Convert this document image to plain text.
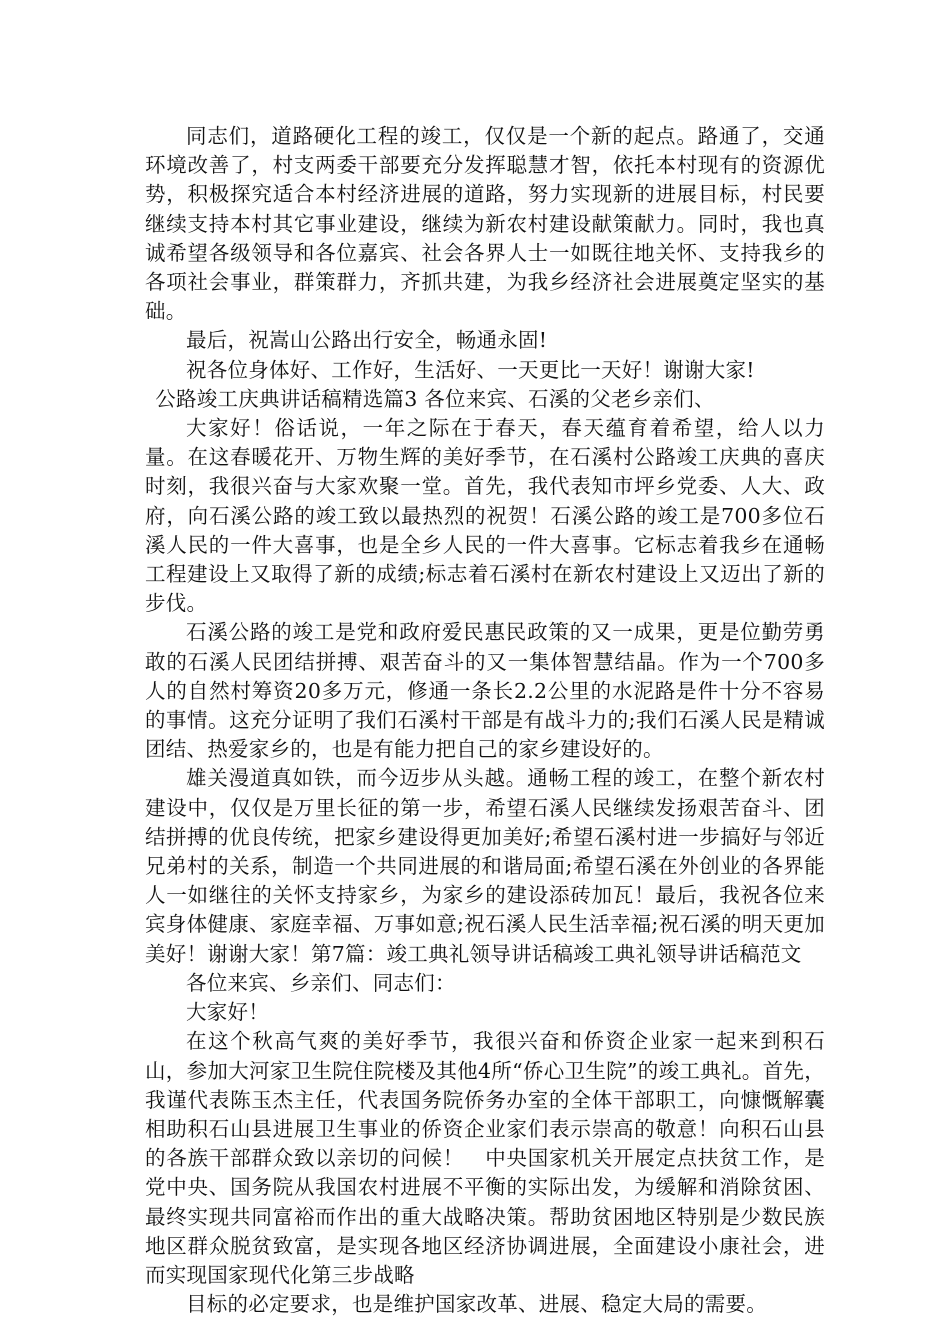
同志们，道路硬化工程的竣工，仅仅是一个新的起点。路通了，交通环境改善了，村支两委干部要充分发挥聪慧才智，依托本村现有的资源优势，积极探究适合本村经济进展的道路，努力实现新的进展目标，村民要继续支持本村其它事业建设，继续为新农村建设献策献力。同时，我也真诚希望各级领导和各位嘉宾、社会各界人士一如既往地关怀、支持我乡的各项社会事业，群策群力，齐抓共建，为我乡经济社会进展奠定坚实的基础。

最后，祝嵩山公路出行安全，畅通永固!

祝各位身体好、工作好，生活好、一天更比一天好！谢谢大家!

公路竣工庆典讲话稿精选篇3 各位来宾、石溪的父老乡亲们、

大家好！俗话说，一年之际在于春天，春天蕴育着希望，给人以力量。在这春暖花开、万物生辉的美好季节，在石溪村公路竣工庆典的喜庆时刻，我很兴奋与大家欢聚一堂。首先，我代表知市坪乡党委、人大、政府，向石溪公路的竣工致以最热烈的祝贺！石溪公路的竣工是700多位石溪人民的一件大喜事，也是全乡人民的一件大喜事。它标志着我乡在通畅工程建设上又取得了新的成绩;标志着石溪村在新农村建设上又迈出了新的步伐。

石溪公路的竣工是党和政府爱民惠民政策的又一成果，更是位勤劳勇敢的石溪人民团结拼搏、艰苦奋斗的又一集体智慧结晶。作为一个700多人的自然村筹资20多万元，修通一条长2.2公里的水泥路是件十分不容易的事情。这充分证明了我们石溪村干部是有战斗力的;我们石溪人民是精诚团结、热爱家乡的，也是有能力把自己的家乡建设好的。

雄关漫道真如铁，而今迈步从头越。通畅工程的竣工，在整个新农村建设中，仅仅是万里长征的第一步，希望石溪人民继续发扬艰苦奋斗、团结拼搏的优良传统，把家乡建设得更加美好;希望石溪村进一步搞好与邻近兄弟村的关系，制造一个共同进展的和谐局面;希望石溪在外创业的各界能人一如继往的关怀支持家乡，为家乡的建设添砖加瓦！最后，我祝各位来宾身体健康、家庭幸福、万事如意;祝石溪人民生活幸福;祝石溪的明天更加美好！谢谢大家！第7篇：竣工典礼领导讲话稿竣工典礼领导讲话稿范文

各位来宾、乡亲们、同志们：

大家好！

在这个秋高气爽的美好季节，我很兴奋和侨资企业家一起来到积石山，参加大河家卫生院住院楼及其他4所“侨心卫生院”的竣工典礼。首先，我谨代表陈玉杰主任，代表国务院侨务办室的全体干部职工，向慷慨解囊相助积石山县进展卫生事业的侨资企业家们表示崇高的敬意！向积石山县的各族干部群众致以亲切的问候！　中央国家机关开展定点扶贫工作，是党中央、国务院从我国农村进展不平衡的实际出发，为缓解和消除贫困、最终实现共同富裕而作出的重大战略决策。帮助贫困地区特别是少数民族地区群众脱贫致富，是实现各地区经济协调进展，全面建设小康社会，进而实现国家现代化第三步战略

目标的必定要求，也是维护国家改革、进展、稳定大局的需要。
